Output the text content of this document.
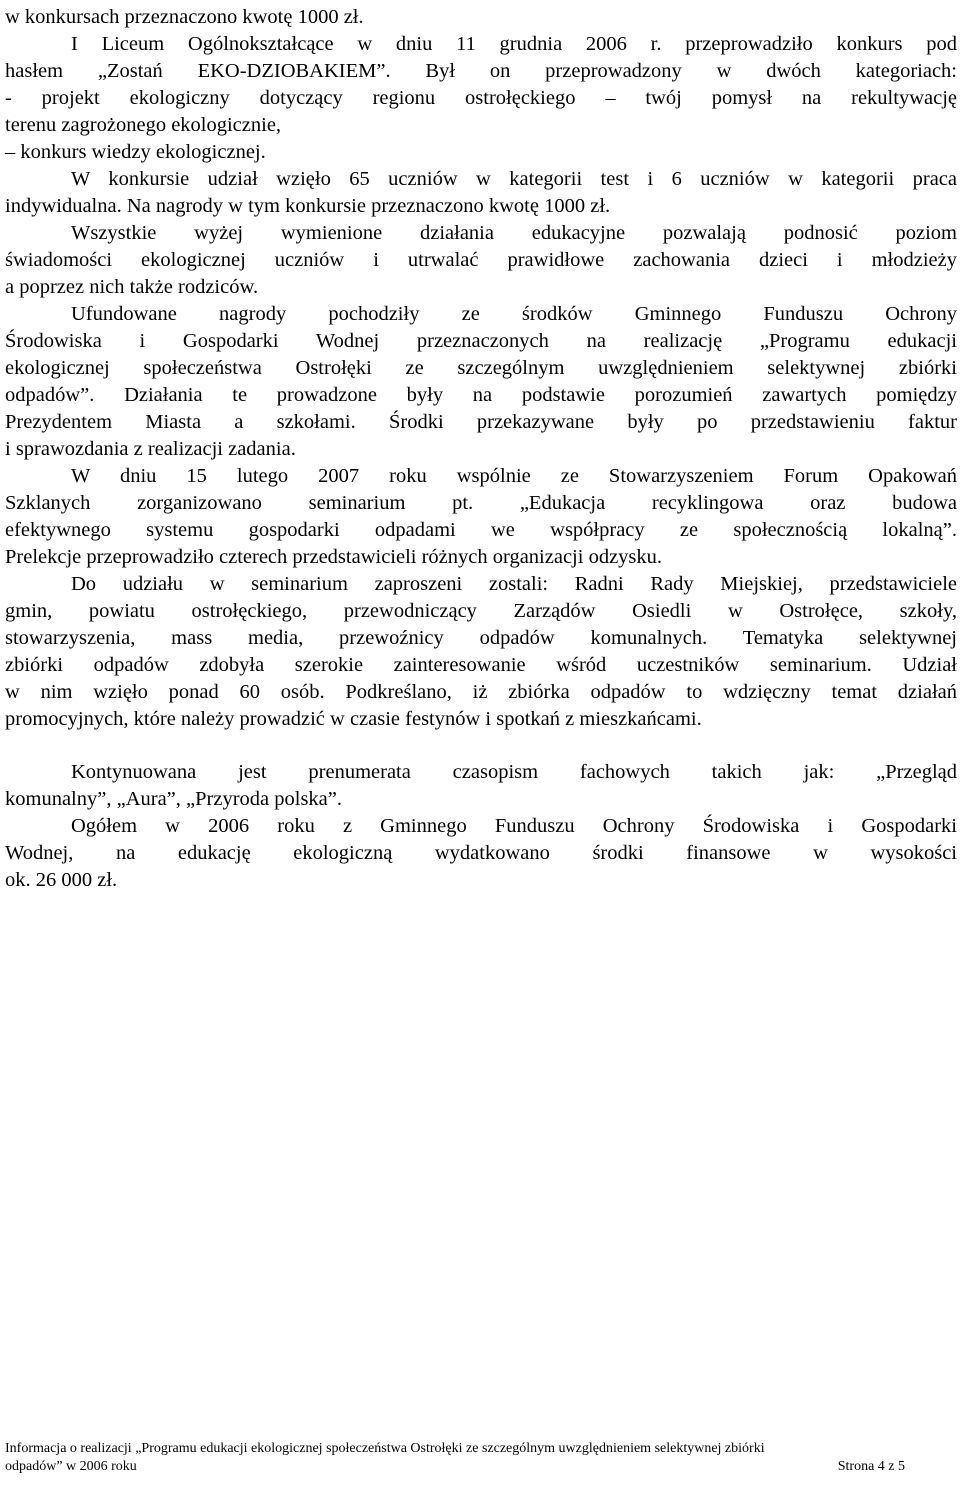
w konkursach przeznaczono kwotę 1000 zł.
I Liceum Ogólnokształcące w dniu 11 grudnia 2006 r. przeprowadziło konkurs pod
hasłem „Zostań EKO-DZIOBAKIEM”. Był on przeprowadzony w dwóch kategoriach:
- projekt ekologiczny dotyczący regionu ostrołęckiego – twój pomysł na rekultywację
terenu zagrożonego ekologicznie,
– konkurs wiedzy ekologicznej.
W konkursie udział wzięło 65 uczniów w kategorii test i 6 uczniów w kategorii praca
indywidualna. Na nagrody w tym konkursie przeznaczono kwotę 1000 zł.
Wszystkie wyżej wymienione działania edukacyjne pozwalają podnosić poziom
świadomości ekologicznej uczniów i utrwalać prawidłowe zachowania dzieci i młodzieży
a poprzez nich także rodziców.
Ufundowane nagrody pochodziły ze środków Gminnego Funduszu Ochrony
Środowiska i Gospodarki Wodnej przeznaczonych na realizację „Programu edukacji
ekologicznej społeczeństwa Ostrołęki ze szczególnym uwzględnieniem selektywnej zbiórki
odpadów”. Działania te prowadzone były na podstawie porozumień zawartych pomiędzy
Prezydentem Miasta a szkołami. Środki przekazywane były po przedstawieniu faktur
i sprawozdania z realizacji zadania.
W dniu 15 lutego 2007 roku wspólnie ze Stowarzyszeniem Forum Opakowań
Szklanych zorganizowano seminarium pt. „Edukacja recyklingowa oraz budowa
efektywnego systemu gospodarki odpadami we współpracy ze społecznością lokalną”.
Prelekcje przeprowadziło czterech przedstawicieli różnych organizacji odzysku.
Do udziału w seminarium zaproszeni zostali: Radni Rady Miejskiej, przedstawiciele
gmin, powiatu ostrołęckiego, przewodniczący Zarządów Osiedli w Ostrołęce, szkoły,
stowarzyszenia, mass media, przewoźnicy odpadów komunalnych. Tematyka selektywnej
zbiórki odpadów zdobyła szerokie zainteresowanie wśród uczestników seminarium. Udział
w nim wzięło ponad 60 osób. Podkreślano, iż zbiórka odpadów to wdzięczny temat działań
promocyjnych, które należy prowadzić w czasie festynów i spotkań z mieszkańcami.
Kontynuowana jest prenumerata czasopism fachowych takich jak: „Przegląd
komunalny”, „Aura”, „Przyroda polska”.
Ogółem w 2006 roku z Gminnego Funduszu Ochrony Środowiska i Gospodarki
Wodnej, na edukację ekologiczną wydatkowano środki finansowe w wysokości
ok. 26 000 zł.
Informacja o realizacji „Programu edukacji ekologicznej społeczeństwa Ostrołęki ze szczególnym uwzględnieniem selektywnej zbiórki
odpadów” w 2006 roku	Strona 4 z 5
